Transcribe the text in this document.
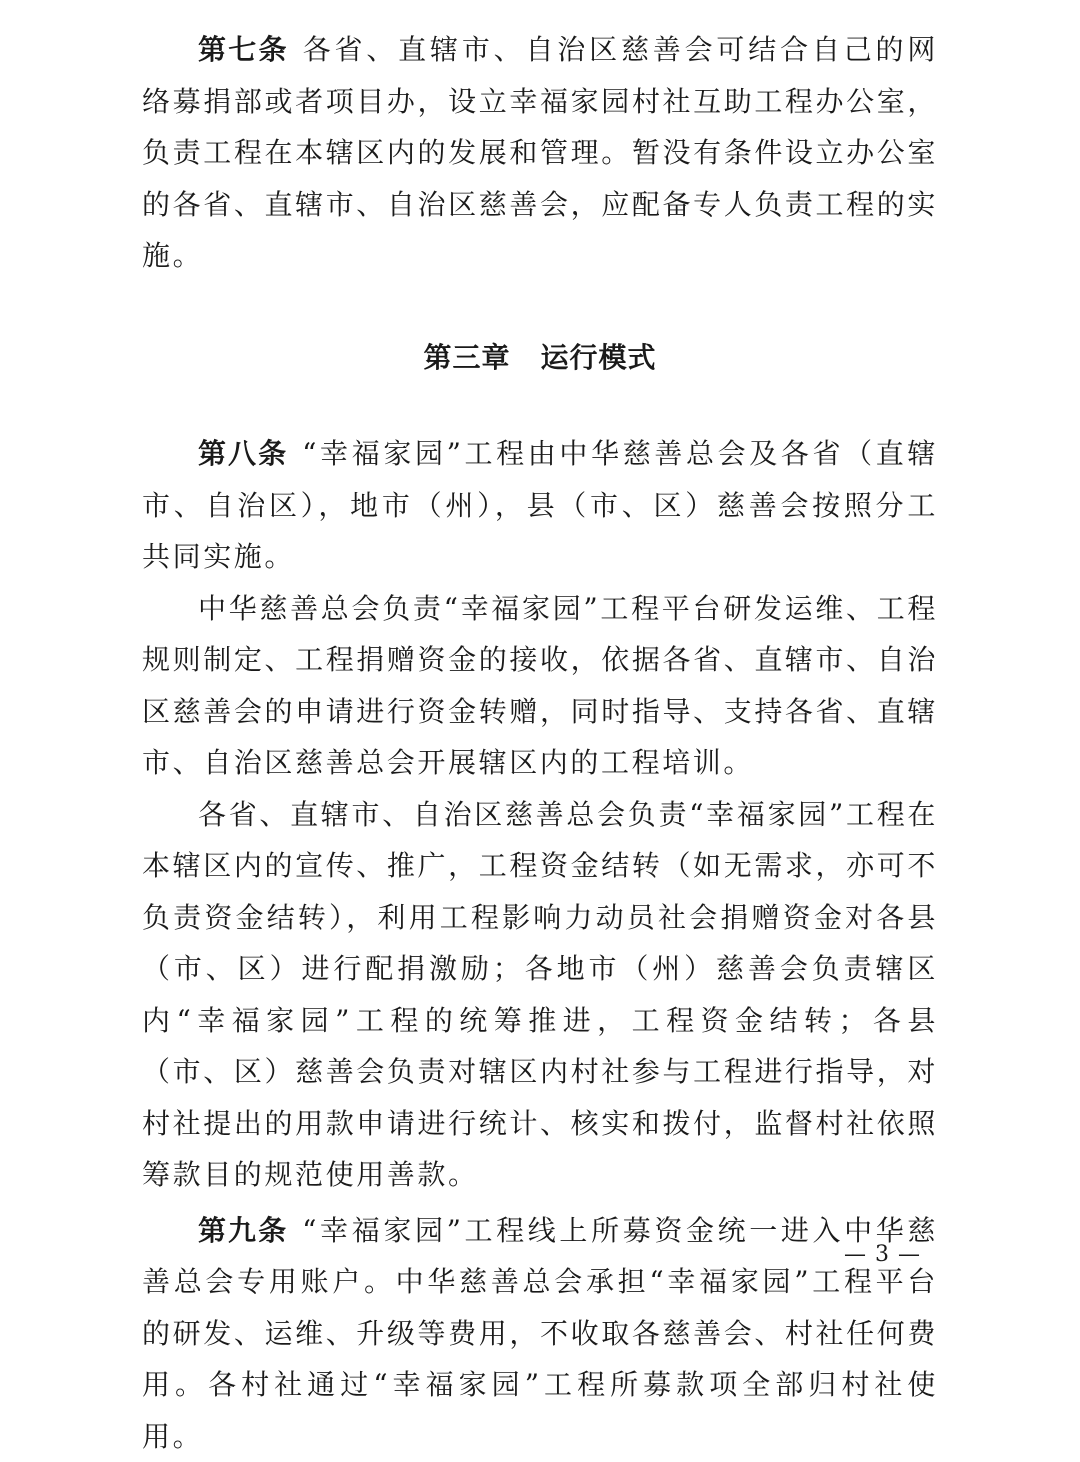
第七条 各省、直辖市、自治区慈善会可结合自己的网络募捐部或者项目办，设立幸福家园村社互助工程办公室，负责工程在本辖区内的发展和管理。暂没有条件设立办公室的各省、直辖市、自治区慈善会，应配备专人负责工程的实施。

第三章 运行模式

第八条 “幸福家园”工程由中华慈善总会及各省（直辖市、自治区），地市（州），县（市、区）慈善会按照分工共同实施。

中华慈善总会负责“幸福家园”工程平台研发运维、工程规则制定、工程捐赠资金的接收，依据各省、直辖市、自治区慈善会的申请进行资金转赠，同时指导、支持各省、直辖市、自治区慈善总会开展辖区内的工程培训。

各省、直辖市、自治区慈善总会负责“幸福家园”工程在本辖区内的宣传、推广，工程资金结转（如无需求，亦可不负责资金结转），利用工程影响力动员社会捐赠资金对各县（市、区）进行配捐激励；各地市（州）慈善会负责辖区内“幸福家园”工程的统筹推进，工程资金结转；各县（市、区）慈善会负责对辖区内村社参与工程进行指导，对村社提出的用款申请进行统计、核实和拨付，监督村社依照筹款目的规范使用善款。

第九条 “幸福家园”工程线上所募资金统一进入中华慈善总会专用账户。中华慈善总会承担“幸福家园”工程平台的研发、运维、升级等费用，不收取各慈善会、村社任何费用。各村社通过“幸福家园”工程所募款项全部归村社使用。

— 3 —
